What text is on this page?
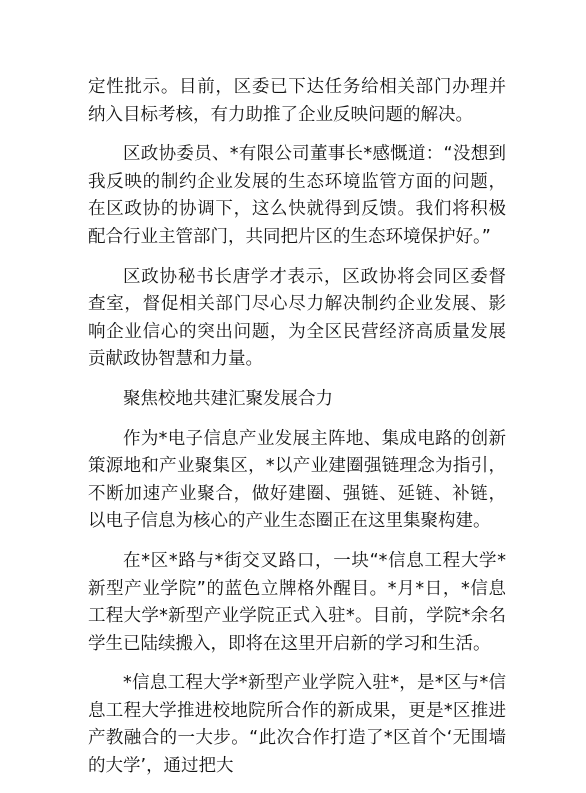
定性批示。目前，区委已下达任务给相关部门办理并纳入目标考核，有力助推了企业反映问题的解决。

区政协委员、*有限公司董事长*感慨道：“没想到我反映的制约企业发展的生态环境监管方面的问题，在区政协的协调下，这么快就得到反馈。我们将积极配合行业主管部门，共同把片区的生态环境保护好。”

区政协秘书长唐学才表示，区政协将会同区委督查室，督促相关部门尽心尽力解决制约企业发展、影响企业信心的突出问题，为全区民营经济高质量发展贡献政协智慧和力量。

聚焦校地共建汇聚发展合力

作为*电子信息产业发展主阵地、集成电路的创新策源地和产业聚集区，*以产业建圈强链理念为指引，不断加速产业聚合，做好建圈、强链、延链、补链，以电子信息为核心的产业生态圈正在这里集聚构建。

在*区*路与*街交叉路口，一块“*信息工程大学*新型产业学院”的蓝色立牌格外醒目。*月*日，*信息工程大学*新型产业学院正式入驻*。目前，学院*余名学生已陆续搬入，即将在这里开启新的学习和生活。

*信息工程大学*新型产业学院入驻*，是*区与*信息工程大学推进校地院所合作的新成果，更是*区推进产教融合的一大步。“此次合作打造了*区首个‘无围墙的大学’，通过把大
